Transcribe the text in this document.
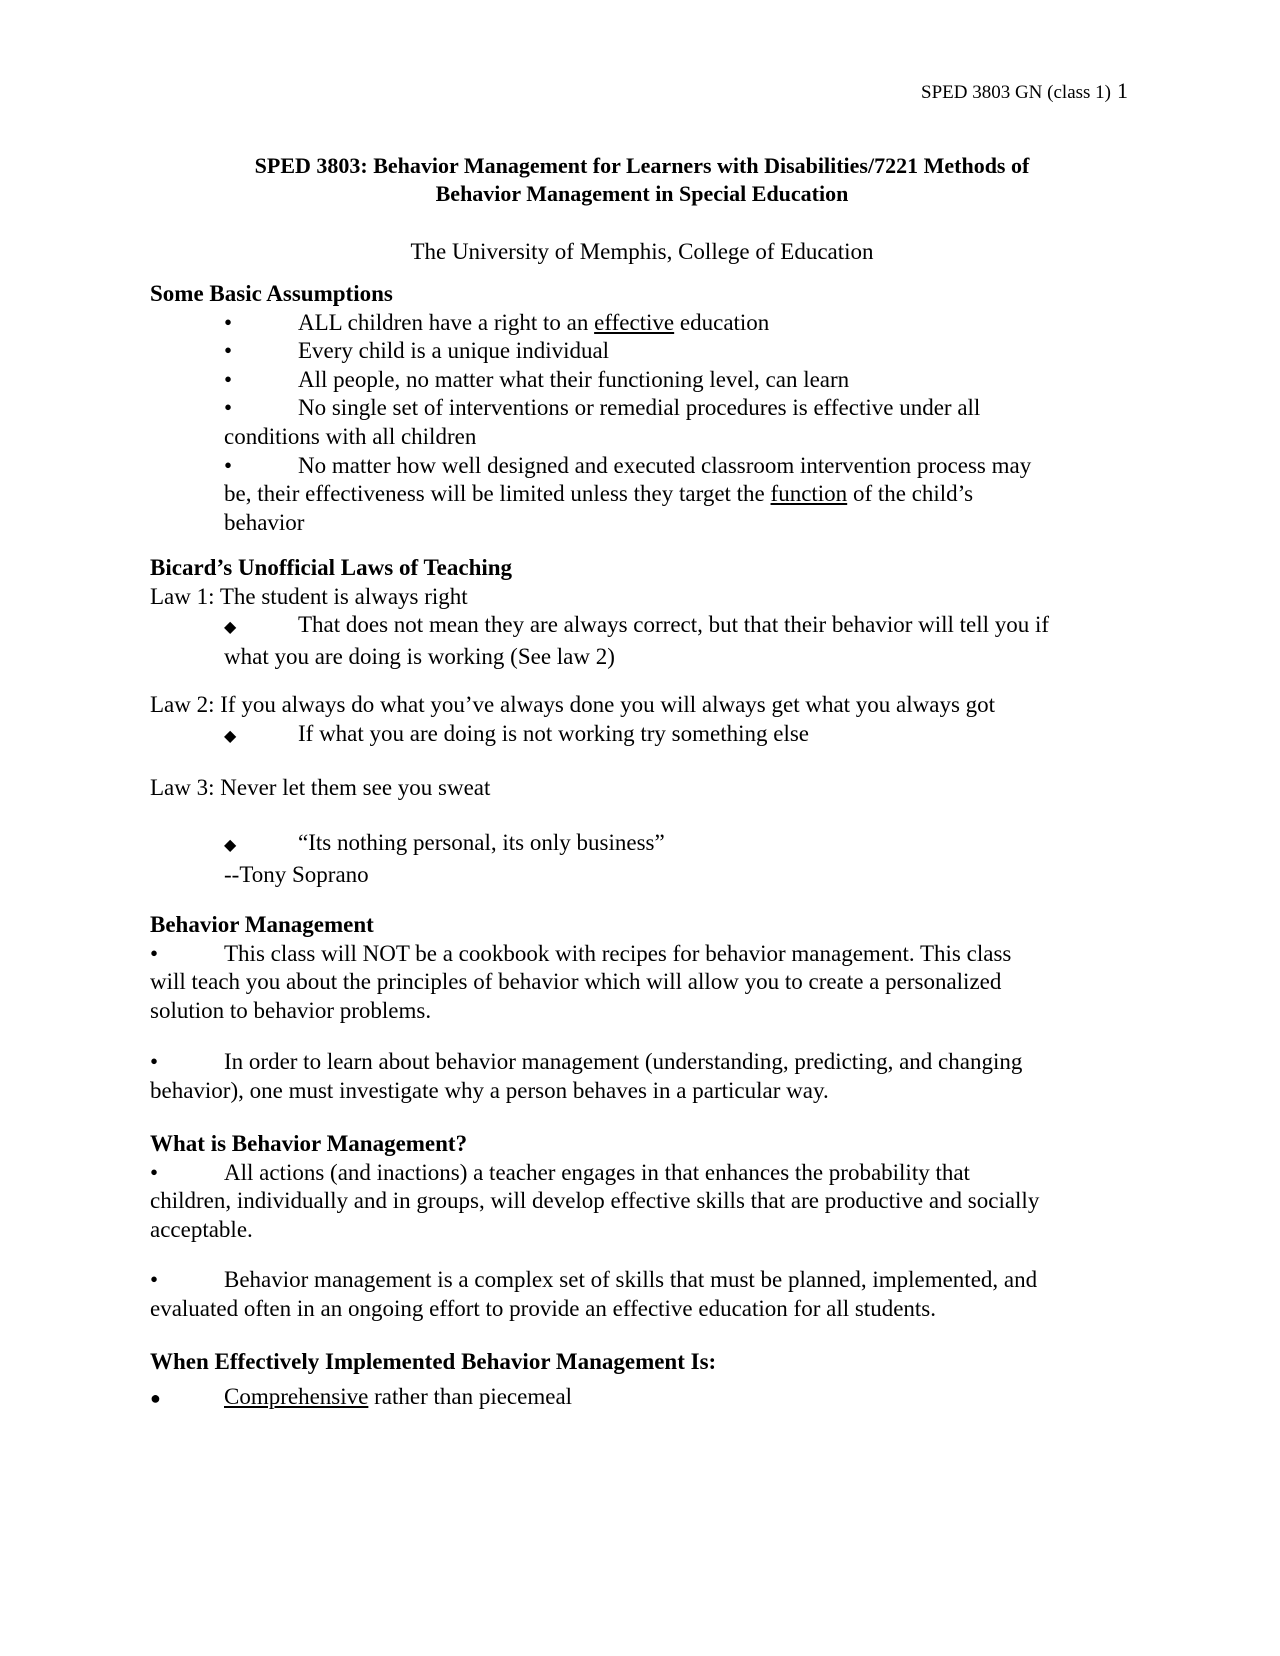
SPED 3803 GN (class 1) 1
SPED 3803: Behavior Management for Learners with Disabilities/7221 Methods of
Behavior Management in Special Education
The University of Memphis, College of Education
Some Basic Assumptions
•	ALL children have a right to an effective education
•	Every child is a unique individual
•	All people, no matter what their functioning level, can learn
•	No single set of interventions or remedial procedures is effective under all
conditions with all children
•	No matter how well designed and executed classroom intervention process may
be, their effectiveness will be limited unless they target the function of the child’s
behavior
Bicard’s Unofficial Laws of Teaching
Law 1: The student is always right
◆	That does not mean they are always correct, but that their behavior will tell you if
what you are doing is working (See law 2)
Law 2: If you always do what you’ve always done you will always get what you always got
◆	If what you are doing is not working try something else
Law 3: Never let them see you sweat
◆	“Its nothing personal, its only business”
--Tony Soprano
Behavior Management
•	This class will NOT be a cookbook with recipes for behavior management. This class
will teach you about the principles of behavior which will allow you to create a personalized
solution to behavior problems.
•	In order to learn about behavior management (understanding, predicting, and changing
behavior), one must investigate why a person behaves in a particular way.
What is Behavior Management?
•	All actions (and inactions) a teacher engages in that enhances the probability that
children, individually and in groups, will develop effective skills that are productive and socially
acceptable.
•	Behavior management is a complex set of skills that must be planned, implemented, and
evaluated often in an ongoing effort to provide an effective education for all students.
When Effectively Implemented Behavior Management Is:
●	Comprehensive rather than piecemeal
